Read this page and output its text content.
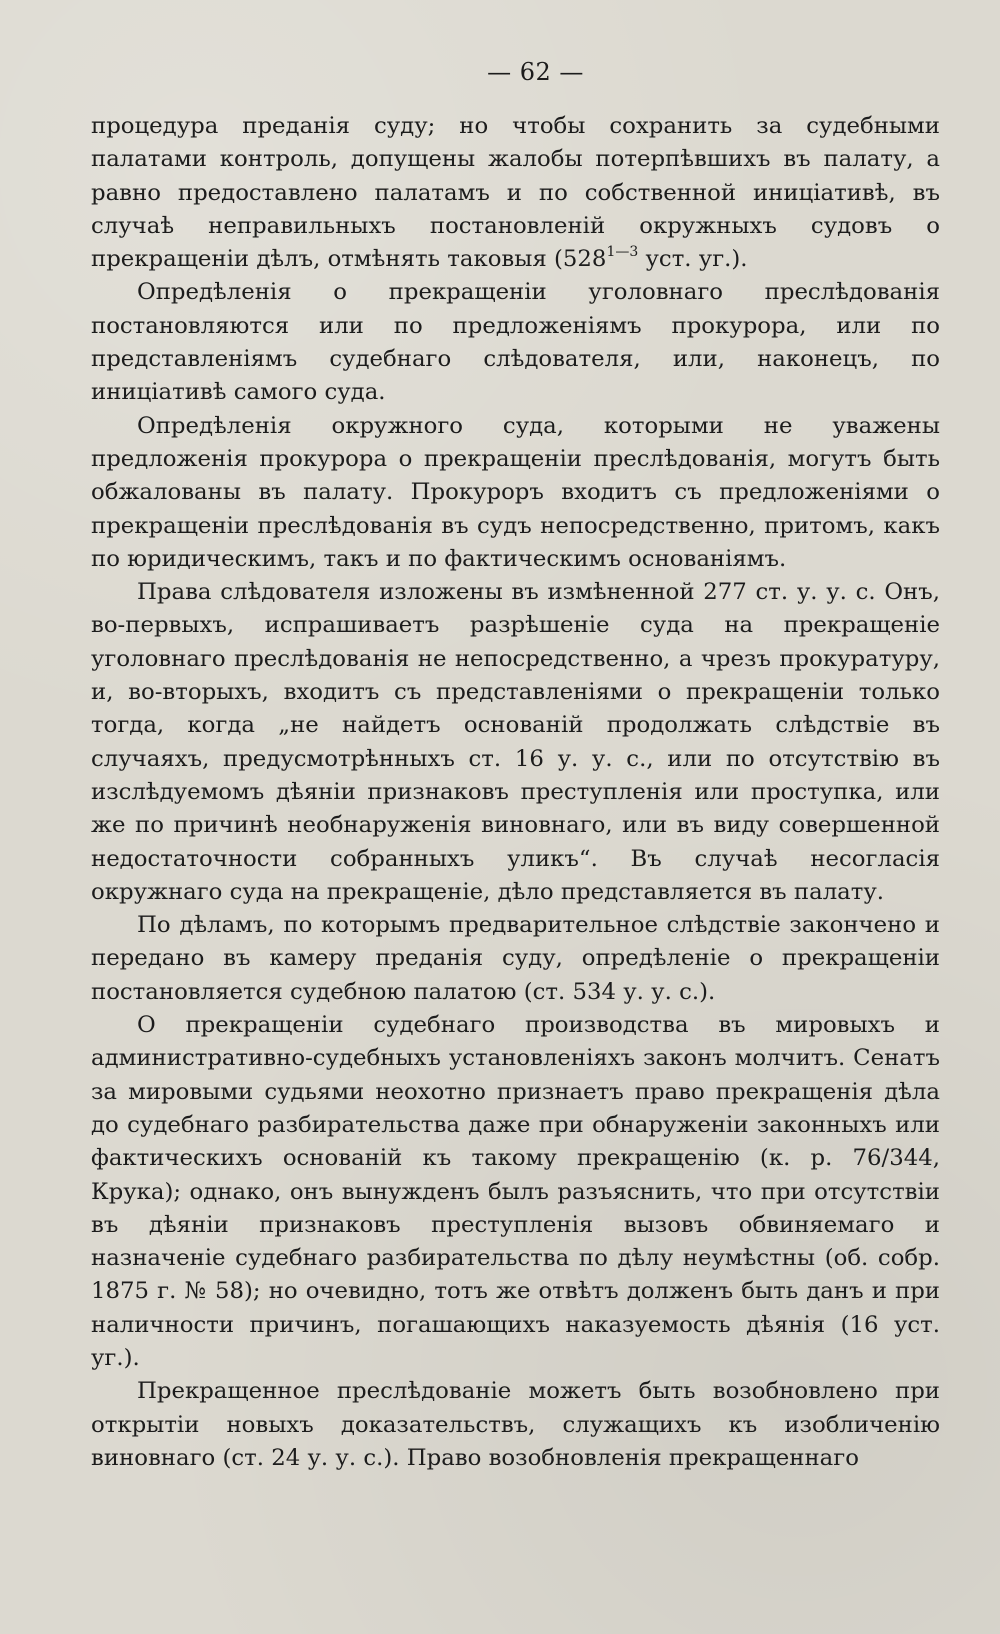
— 62 —

процедура преданія суду; но чтобы сохранить за судебными палатами контроль, допущены жалобы потерпѣвшихъ въ палату, а равно предоставлено палатамъ и по собственной иниціативѣ, въ случаѣ неправильныхъ постановленій окружныхъ судовъ о прекращеніи дѣлъ, отмѣнять таковыя ($528^{1—3}$ уст. уг.).

Опредѣленія о прекращеніи уголовнаго преслѣдованія постановляются или по предложеніямъ прокурора, или по представленіямъ судебнаго слѣдователя, или, наконецъ, по иниціативѣ самого суда.

Опредѣленія окружного суда, которыми не уважены предложенія прокурора о прекращеніи преслѣдованія, могутъ быть обжалованы въ палату. Прокуроръ входитъ съ предложеніями о прекращеніи преслѣдованія въ судъ непосредственно, притомъ, какъ по юридическимъ, такъ и по фактическимъ основаніямъ.

Права слѣдователя изложены въ измѣненной 277 ст. у. у. с. Онъ, во-первыхъ, испрашиваетъ разрѣшеніе суда на прекращеніе уголовнаго преслѣдованія не непосредственно, а чрезъ прокуратуру, и, во-вторыхъ, входитъ съ представленіями о прекращеніи только тогда, когда „не найдетъ основаній продолжать слѣдствіе въ случаяхъ, предусмотрѣнныхъ ст. 16 у. у. с., или по отсутствію въ изслѣдуемомъ дѣяніи признаковъ преступленія или проступка, или же по причинѣ необнаруженія виновнаго, или въ виду совершенной недостаточности собранныхъ уликъ“. Въ случаѣ несогласія окружнаго суда на прекращеніе, дѣло представляется въ палату.

По дѣламъ, по которымъ предварительное слѣдствіе закончено и передано въ камеру преданія суду, опредѣленіе о прекращеніи постановляется судебною палатою (ст. 534 у. у. с.).

О прекращеніи судебнаго производства въ мировыхъ и административно-судебныхъ установленіяхъ законъ молчитъ. Сенатъ за мировыми судьями неохотно признаетъ право прекращенія дѣла до судебнаго разбирательства даже при обнаруженіи законныхъ или фактическихъ основаній къ такому прекращенію (к. р. 76/344, Крука); однако, онъ вынужденъ былъ разъяснить, что при отсутствіи въ дѣяніи признаковъ преступленія вызовъ обвиняемаго и назначеніе судебнаго разбирательства по дѣлу неумѣстны (об. собр. 1875 г. № 58); но очевидно, тотъ же отвѣтъ долженъ быть данъ и при наличности причинъ, погашающихъ наказуемость дѣянія (16 уст. уг.).

Прекращенное преслѣдованіе можетъ быть возобновлено при открытіи новыхъ доказательствъ, служащихъ къ изобличенію виновнаго (ст. 24 у. у. с.). Право возобновленія прекращеннаго
